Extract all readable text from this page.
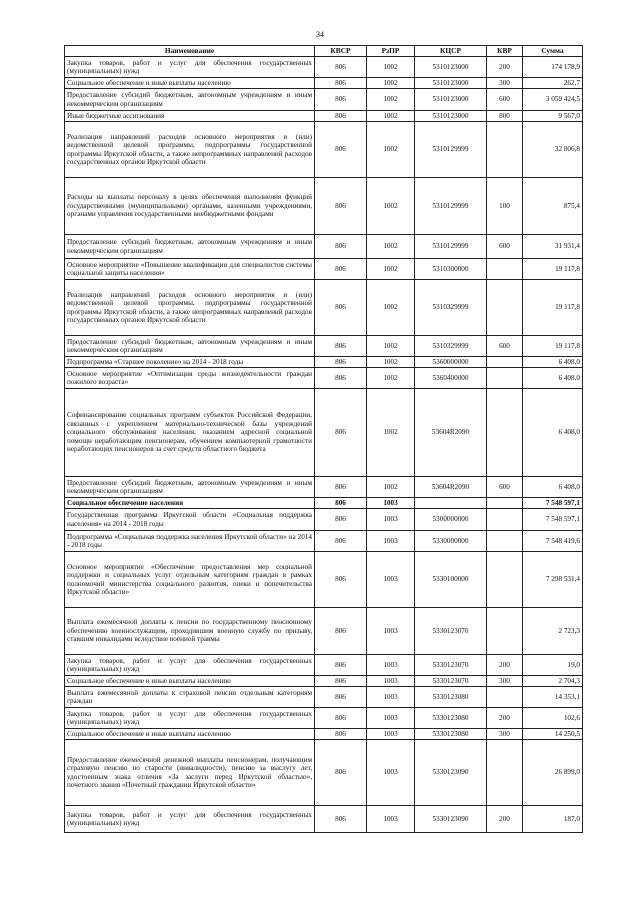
34
Наименование	КВСР	РзПР	КЦСР	КВР	Сумма
Закупка товаров, работ и услуг для обеспечения государственных (муниципальных) нужд	806	1002	5310123000	200	174 178,9
Социальное обеспечение и иные выплаты населению	806	1002	5310123000	300	262,7
Предоставление субсидий бюджетным, автономным учреждениям и иным некоммерческим организациям	806	1002	5310123000	600	3 059 424,5
Иные бюджетные ассигнования	806	1002	5310123000	800	9 567,0
Реализация направлений расходов основного мероприятия и (или) ведомственной целевой программы, подпрограммы государственной программы Иркутской области, а также непрограммных направлений расходов государственных органов Иркутской области	806	1002	5310129999		32 806,8
Расходы на выплаты персоналу в целях обеспечения выполнения функций государственными (муниципальными) органами, казенными учреждениями, органами управления государственными внебюджетными фондами	806	1002	5310129999	100	875,4
Предоставление субсидий бюджетным, автономным учреждениям и иным некоммерческим организациям	806	1002	5310129999	600	31 931,4
Основное мероприятие «Повышение квалификации для специалистов системы социальной защиты населения»	806	1002	5310300000		19 117,8
Реализация направлений расходов основного мероприятия и (или) ведомственной целевой программы, подпрограммы государственной программы Иркутской области, а также непрограммных направлений расходов государственных органов Иркутской области	806	1002	5310329999		19 117,8
Предоставление субсидий бюджетным, автономным учреждениям и иным некоммерческим организациям	806	1002	5310329999	600	19 117,8
Подпрограмма «Старшее поколение» на 2014 - 2018 годы	806	1002	5360000000		6 408,0
Основное мероприятие «Оптимизация среды жизнедеятельности граждан пожилого возраста»	806	1002	5360400000		6 408,0
Софинансирование социальных программ субъектов Российской Федерации, связанных с укреплением материально-технической базы учреждений социального обслуживания населения, оказанием адресной социальной помощи неработающим пенсионерам, обучением компьютерной грамотности неработающих пенсионеров за счет средств областного бюджета	806	1002	53604R2090		6 408,0
Предоставление субсидий бюджетным, автономным учреждениям и иным некоммерческим организациям	806	1002	53604R2090	600	6 408,0
Социальное обеспечение населения	806	1003			7 548 597,1
Государственная программа Иркутской области «Социальная поддержка населения» на 2014 - 2018 годы	806	1003	5300000000		7 548 597,1
Подпрограмма «Социальная поддержка населения Иркутской области» на 2014 - 2018 годы	806	1003	5330000000		7 548 419,6
Основное мероприятие «Обеспечение предоставления мер социальной поддержки и социальных услуг отдельным категориям граждан в рамках полномочий министерства социального развития, опеки и попечительства Иркутской области»	806	1003	5330100000		7 298 531,4
Выплата ежемесячной доплаты к пенсии по государственному пенсионному обеспечению военнослужащим, проходившим военную службу по призыву, ставшим инвалидами вследствие военной травмы	806	1003	5330123070		2 723,3
Закупка товаров, работ и услуг для обеспечения государственных (муниципальных) нужд	806	1003	5330123070	200	19,0
Социальное обеспечение и иные выплаты населению	806	1003	5330123070	300	2 704,3
Выплата ежемесячной доплаты к страховой пенсии отдельным категориям граждан	806	1003	5330123080		14 353,1
Закупка товаров, работ и услуг для обеспечения государственных (муниципальных) нужд	806	1003	5330123080	200	102,6
Социальное обеспечение и иные выплаты населению	806	1003	5330123080	300	14 250,5
Предоставление ежемесячной денежной выплаты пенсионерам, получающим страховую пенсию по старости (инвалидности), пенсию за выслугу лет, удостоенным знака отличия «За заслуги перед Иркутской областью», почетного звания «Почетный гражданин Иркутской области»	806	1003	5330123090		26 899,0
Закупка товаров, работ и услуг для обеспечения государственных (муниципальных) нужд	806	1003	5330123090	200	187,0
